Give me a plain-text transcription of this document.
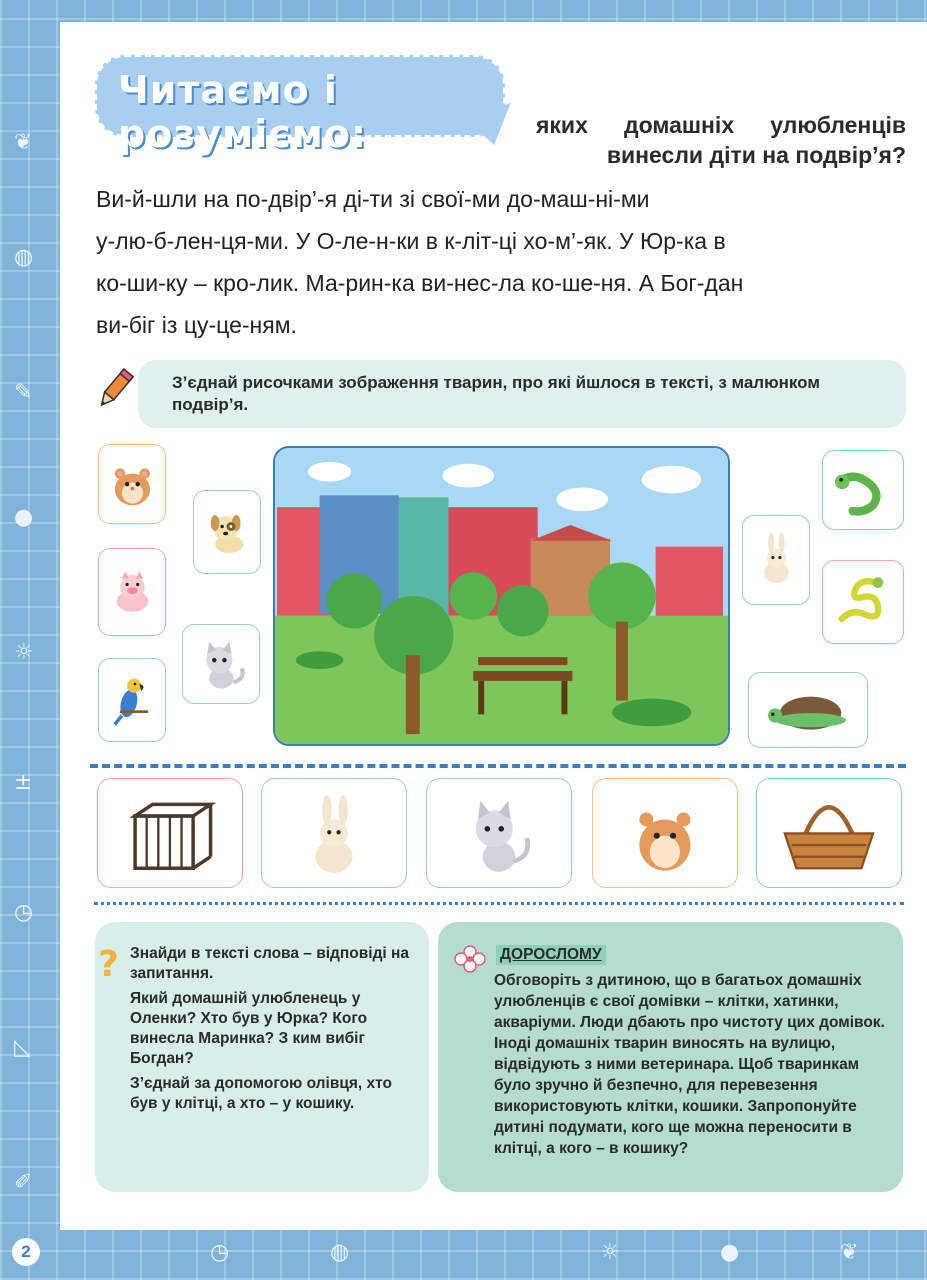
❦
◍
✎
●
☼
±
◷
◺
✐
◷	◍	☼	●	❦
Читаємо і розуміємо:	яких домашніх улюбленців винесли діти на подвір’я?

Ви-й-шли на по-двір’-я ді-ти зі свої-ми до-маш-ні-ми

у-лю-б-лен-ця-ми. У О-ле-н-ки в к-літ-ці хо-м’-як. У Юр-ка в

ко-ши-ку – кро-лик. Ма-рин-ка ви-нес-ла ко-ше-ня. А Бог-дан

ви-біг із цу-це-ням.

З’єднай рисочками зображення тварин, про які йшлося в тексті, з малюнком подвір’я.
? Знайди в тексті слова – відповіді на запитання.

Який домашній улюбленець у Оленки? Хто був у Юрка? Кого винесла Маринка? З ким вибіг Богдан?

З’єднай за допомогою олівця, хто був у клітці, а хто – у кошику.

ДОРОСЛОМУ
Обговоріть з дитиною, що в багатьох домашніх улюбленців є свої домівки – клітки, хатинки, акваріуми. Люди дбають про чистоту цих домівок. Іноді домашніх тварин виносять на вулицю, відвідують з ними ветеринара. Щоб тваринкам було зручно й безпечно, для перевезення використовують клітки, кошики. Запропонуйте дитині подумати, кого ще можна переносити в клітці, а кого – в кошику?
2
